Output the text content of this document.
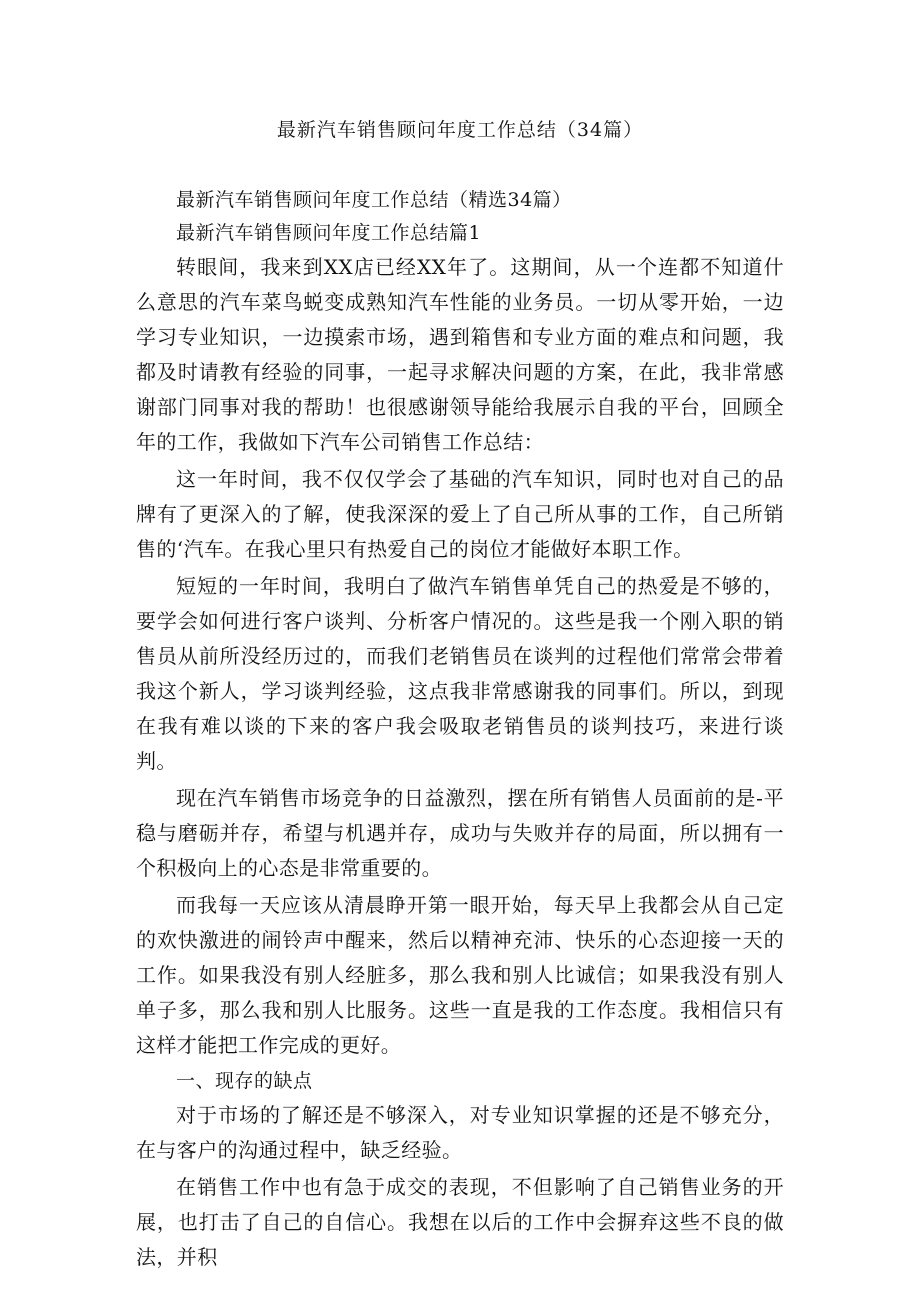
最新汽车销售顾问年度工作总结（34篇）

最新汽车销售顾问年度工作总结（精选34篇）

最新汽车销售顾问年度工作总结篇1

转眼间，我来到XX店已经XX年了。这期间，从一个连都不知道什么意思的汽车菜鸟蜕变成熟知汽车性能的业务员。一切从零开始，一边学习专业知识，一边摸索市场，遇到箱售和专业方面的难点和问题，我都及时请教有经验的同事，一起寻求解决问题的方案，在此，我非常感谢部门同事对我的帮助！也很感谢领导能给我展示自我的平台，回顾全年的工作，我做如下汽车公司销售工作总结：

这一年时间，我不仅仅学会了基础的汽车知识，同时也对自己的品牌有了更深入的了解，使我深深的爱上了自己所从事的工作，自己所销售的‘汽车。在我心里只有热爱自己的岗位才能做好本职工作。

短短的一年时间，我明白了做汽车销售单凭自己的热爱是不够的，要学会如何进行客户谈判、分析客户情况的。这些是我一个刚入职的销售员从前所没经历过的，而我们老销售员在谈判的过程他们常常会带着我这个新人，学习谈判经验，这点我非常感谢我的同事们。所以，到现在我有难以谈的下来的客户我会吸取老销售员的谈判技巧，来进行谈判。

现在汽车销售市场竞争的日益激烈，摆在所有销售人员面前的是-平稳与磨砺并存，希望与机遇并存，成功与失败并存的局面，所以拥有一个积极向上的心态是非常重要的。

而我每一天应该从清晨睁开第一眼开始，每天早上我都会从自己定的欢快激进的闹铃声中醒来，然后以精神充沛、快乐的心态迎接一天的工作。如果我没有别人经脏多，那么我和别人比诚信；如果我没有别人单子多，那么我和别人比服务。这些一直是我的工作态度。我相信只有这样才能把工作完成的更好。

一、现存的缺点

对于市场的了解还是不够深入，对专业知识掌握的还是不够充分，在与客户的沟通过程中，缺乏经验。

在销售工作中也有急于成交的表现，不但影响了自己销售业务的开展，也打击了自己的自信心。我想在以后的工作中会摒弃这些不良的做法，并积
